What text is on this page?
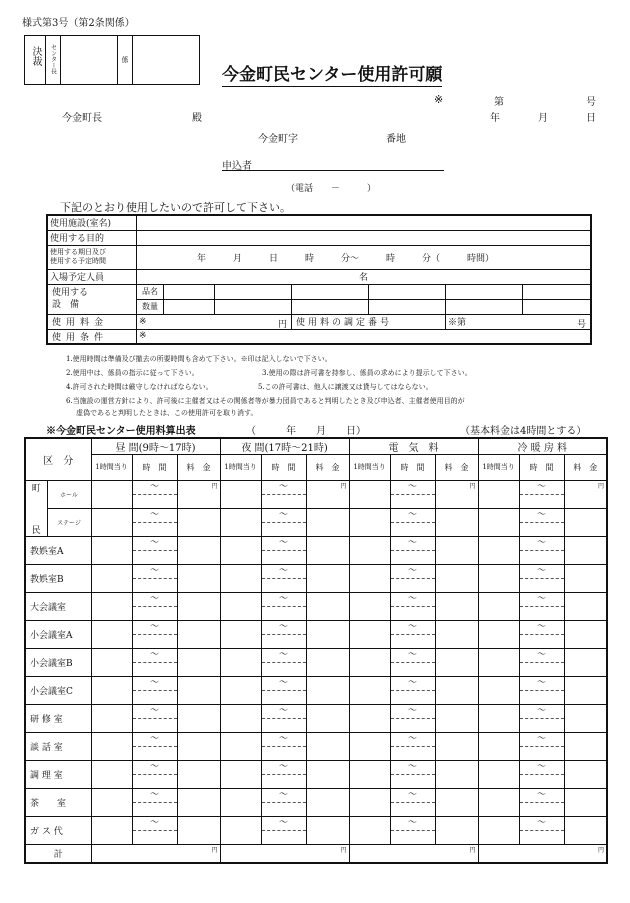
様式第3号（第2条関係）
決裁	センター長		係	
今金町民センター使用許可願
※	第	号
年	月	日
今金町長	殿
今金町字	番地
申込者
（電話　　－　　　）
下記のとおり使用したいので許可して下さい。
使用施設(室名)							
使用する目的							

使用する期日及び
使用する予定時間	年　　　月　　　日　　　時　　　分～　　　時　　　分（　　　時間）						
入場予定人員	名						

使用する
設　備	品名						
	数量						
使用料金	※ 円			使用料の調定番号		※第 号	

使用条件	※						
1.使用時間は準備及び撤去の所要時間も含めて下さい。※印は記入しないで下さい。
2.使用中は、係員の指示に従って下さい。	3.使用の際は許可書を持参し、係員の求めにより提示して下さい。
4.許可された時間は厳守しなければならない。	5.この許可書は、他人に譲渡又は貸与してはならない。
6.当施設の運営方針により、許可後に主催者又はその関係者等が暴力団員であると判明したとき及び申込者、主催者使用目的が
虚偽であると判明したときは、この使用許可を取り消す。
※今金町民センター使用料算出表	（　　　年　　月　　日）	（基本料金は4時間とする）
区　分		昼 間(9時～17時)			夜 間(17時～21時)			電　気　料			冷 暖 房 料		
		1時間当り	時　間	料　金	1時間当り	時　間	料　金	1時間当り	時　間	料　金	1時間当り	時　間	料　金
町	ホール		～	円		～	円		～	円		～	円
民	ステージ		～			～			～			～	

教娯室A			～			～			～			～	

教娯室B			～			～			～			～	

大会議室			～			～			～			～	

小会議室A			～			～			～			～	

小会議室B			～			～			～			～	

小会議室C			～			～			～			～	

研 修 室			～			～			～			～	

談 話 室			～			～			～			～	

調 理 室			～			～			～			～	

茶　　室			～			～			～			～	

ガ ス 代			～			～			～			～	

計		円			円			円			円		
